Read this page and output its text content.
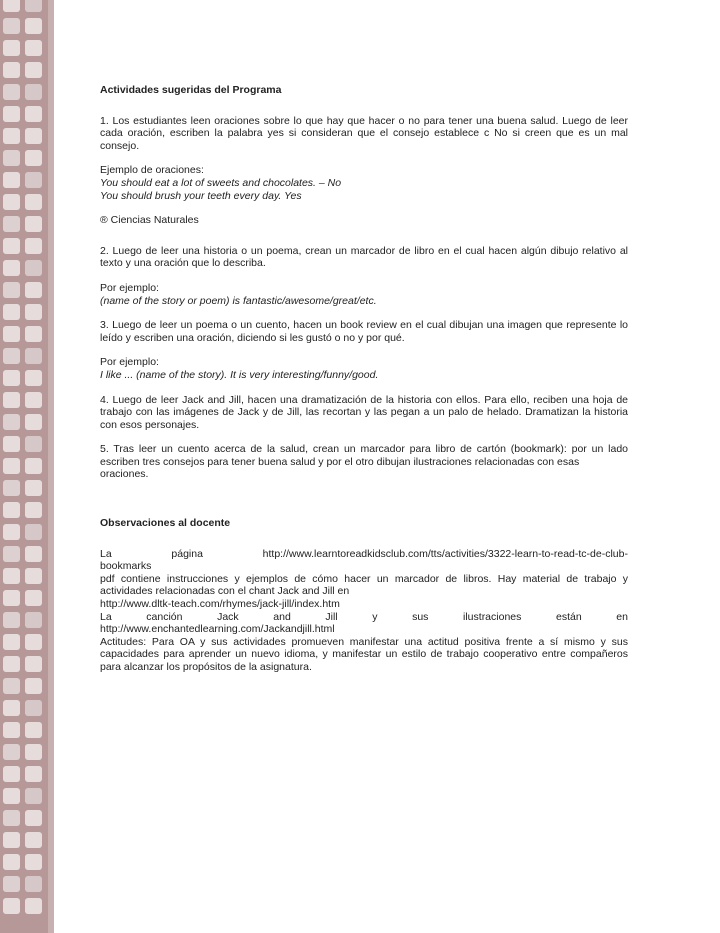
Actividades sugeridas del Programa
1. Los estudiantes leen oraciones sobre lo que hay que hacer o no para tener una buena salud. Luego de leer cada oración, escriben la palabra yes si consideran que el consejo establece c No si creen que es un mal consejo.
Ejemplo de oraciones:
You should eat a lot of sweets and chocolates. – No
You should brush your teeth every day. Yes
® Ciencias Naturales
2. Luego de leer una historia o un poema, crean un marcador de libro en el cual hacen algún dibujo relativo al texto y una oración que lo describa.
Por ejemplo:
(name of the story or poem) is fantastic/awesome/great/etc.
3. Luego de leer un poema o un cuento, hacen un book review en el cual dibujan una imagen que represente lo leído y escriben una oración, diciendo si les gustó o no y por qué.
Por ejemplo:
I like ... (name of the story). It is very interesting/funny/good.
4. Luego de leer Jack and Jill, hacen una dramatización de la historia con ellos. Para ello, reciben una hoja de trabajo con las imágenes de Jack y de Jill, las recortan y las pegan a un palo de helado. Dramatizan la historia con esos personajes.
5. Tras leer un cuento acerca de la salud, crean un marcador para libro de cartón (bookmark): por un lado escriben tres consejos para tener buena salud y por el otro dibujan ilustraciones relacionadas con esas
oraciones.
Observaciones al docente
La	página	http://www.learntoreadkidsclub.com/tts/activities/3322-learn-to-read-tc-de-club-
bookmarks
pdf contiene instrucciones y ejemplos de cómo hacer un marcador de libros. Hay material de trabajo y actividades relacionadas con el chant Jack and Jill en
http://www.dltk-teach.com/rhymes/jack-jill/index.htm
La	canción	Jack	and	Jill	y	sus	ilustraciones	están	en
http://www.enchantedlearning.com/Jackandjill.html
Actitudes: Para OA y sus actividades promueven manifestar una actitud positiva frente a sí mismo y sus capacidades para aprender un nuevo idioma, y manifestar un estilo de trabajo cooperativo entre compañeros para alcanzar los propósitos de la asignatura.
